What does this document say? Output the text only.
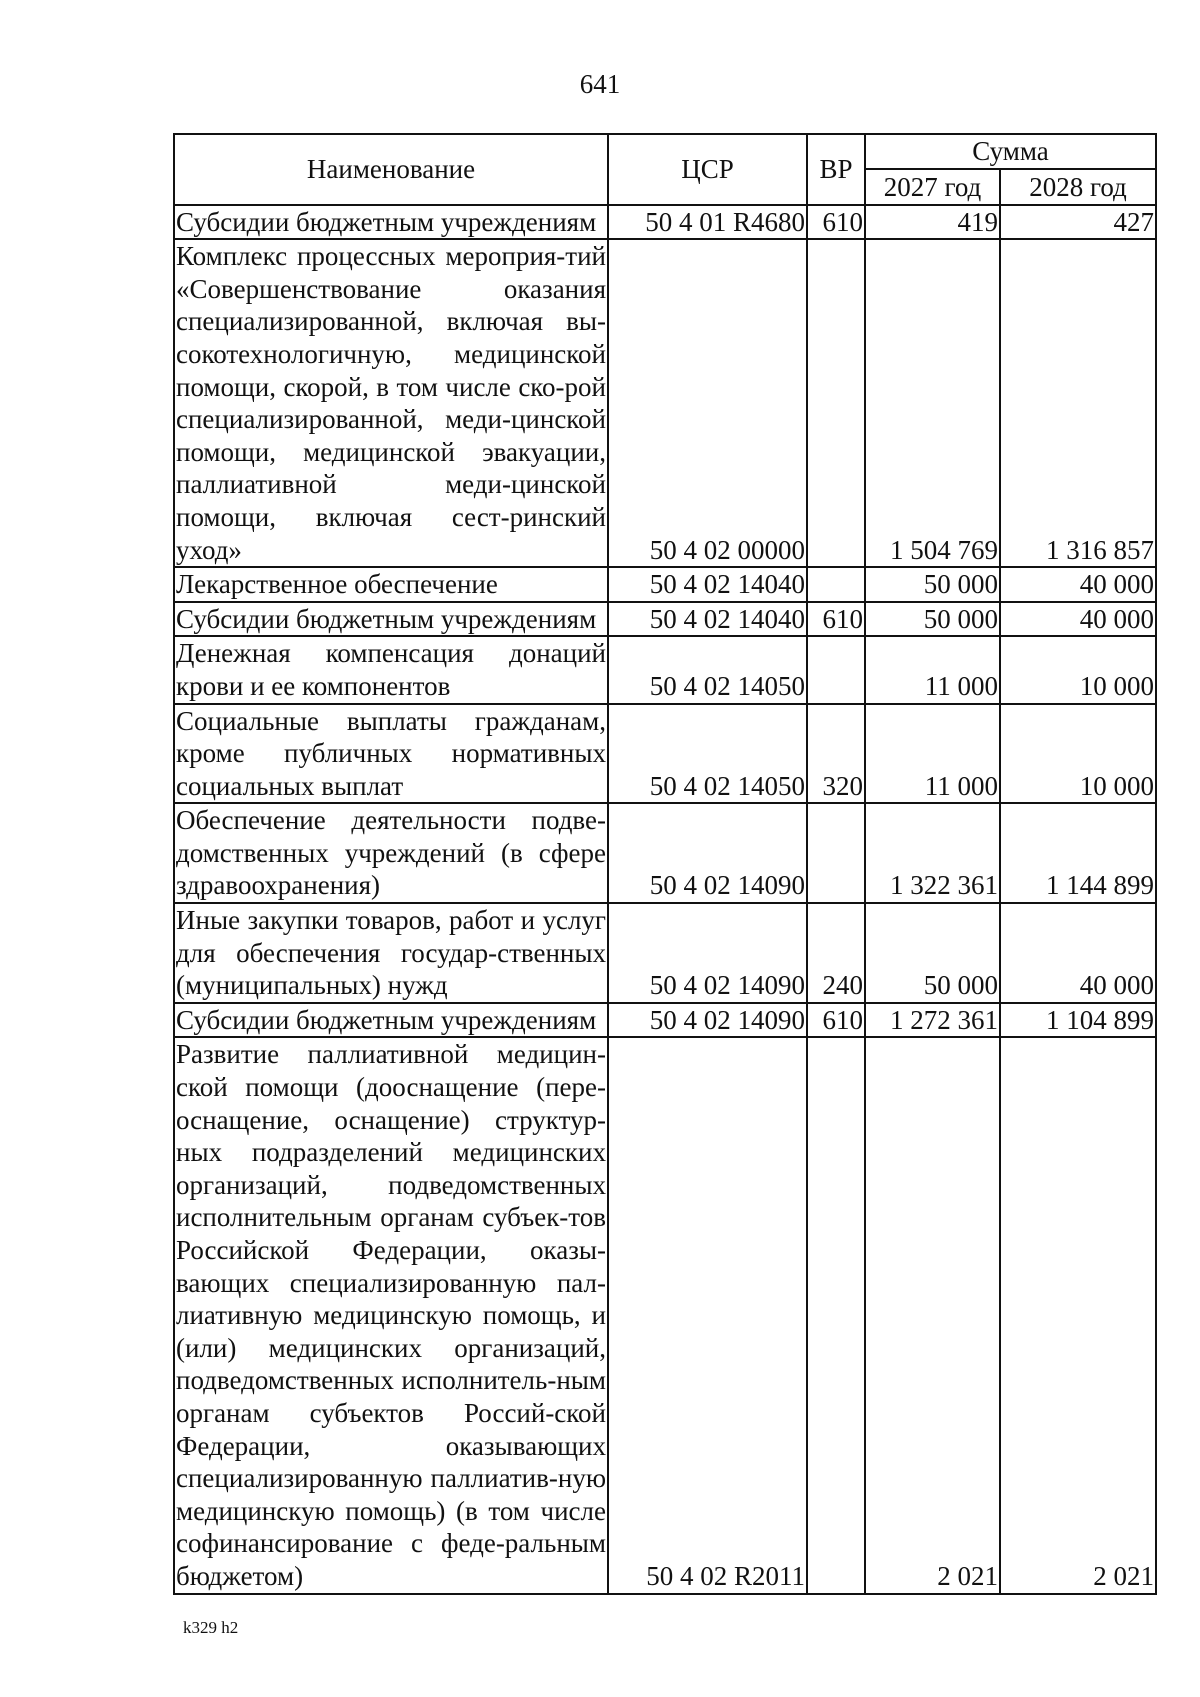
641
Наименование	ЦСР	ВР	Сумма	
			2027 год	2028 год
Субсидии бюджетным учреждениям	50 4 01 R4680	610	419	427
Комплекс процессных мероприя-тий «Совершенствование оказания специализированной, включая вы-сокотехнологичную, медицинской помощи, скорой, в том числе ско-рой специализированной, меди-цинской помощи, медицинской эвакуации, паллиативной меди-цинской помощи, включая сест-ринский уход»	50 4 02 00000		1 504 769	1 316 857
Лекарственное обеспечение	50 4 02 14040		50 000	40 000
Субсидии бюджетным учреждениям	50 4 02 14040	610	50 000	40 000
Денежная компенсация донаций крови и ее компонентов	50 4 02 14050		11 000	10 000
Социальные выплаты гражданам, кроме публичных нормативных социальных выплат	50 4 02 14050	320	11 000	10 000
Обеспечение деятельности подве-домственных учреждений (в сфере здравоохранения)	50 4 02 14090		1 322 361	1 144 899
Иные закупки товаров, работ и услуг для обеспечения государ-ственных (муниципальных) нужд	50 4 02 14090	240	50 000	40 000
Субсидии бюджетным учреждениям	50 4 02 14090	610	1 272 361	1 104 899
Развитие паллиативной медицин-ской помощи (дооснащение (пере-оснащение, оснащение) структур-ных подразделений медицинских организаций, подведомственных исполнительным органам субъек-тов Российской Федерации, оказы-вающих специализированную пал-лиативную медицинскую помощь, и (или) медицинских организаций, подведомственных исполнитель-ным органам субъектов Россий-ской Федерации, оказывающих специализированную паллиатив-ную медицинскую помощь) (в том числе софинансирование с феде-ральным бюджетом)	50 4 02 R2011		2 021	2 021
k329 h2
